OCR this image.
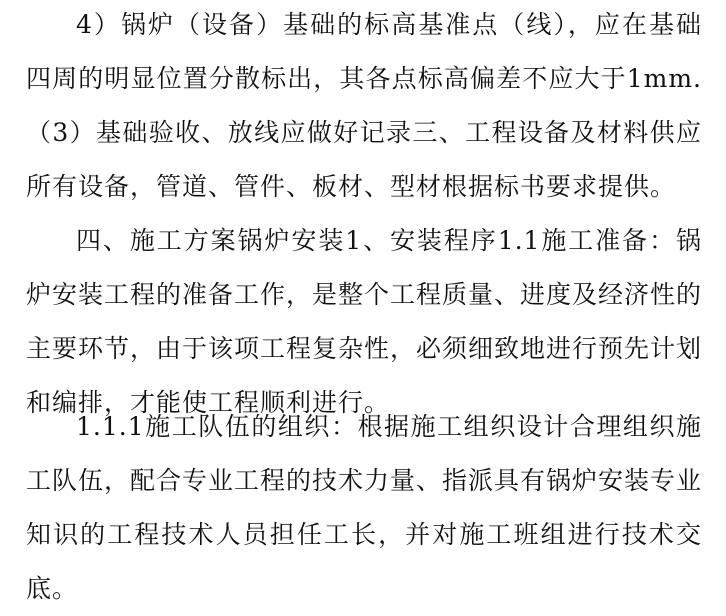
4）锅炉（设备）基础的标高基准点（线），应在基础四周的明显位置分散标出，其各点标高偏差不应大于1mm.（3）基础验收、放线应做好记录三、工程设备及材料供应所有设备，管道、管件、板材、型材根据标书要求提供。

四、施工方案锅炉安装1、安装程序1.1施工准备：锅炉安装工程的准备工作，是整个工程质量、进度及经济性的主要环节，由于该项工程复杂性，必须细致地进行预先计划和编排，才能使工程顺利进行。

1.1.1施工队伍的组织：根据施工组织设计合理组织施工队伍，配合专业工程的技术力量、指派具有锅炉安装专业知识的工程技术人员担任工长，并对施工班组进行技术交底。
